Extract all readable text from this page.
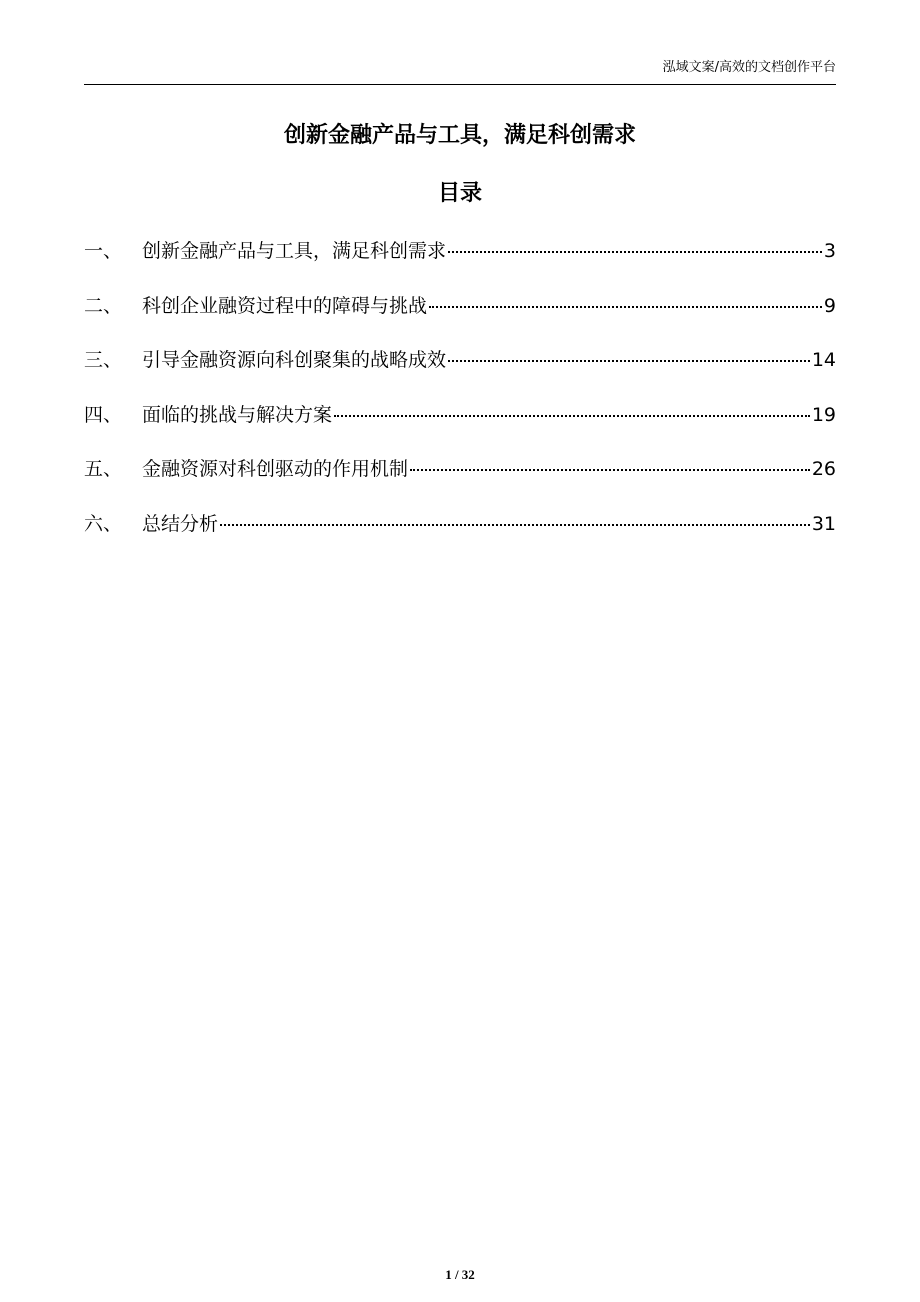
泓域文案/高效的文档创作平台
创新金融产品与工具，满足科创需求
目录
一、	创新金融产品与工具，满足科创需求	3
二、	科创企业融资过程中的障碍与挑战	9
三、	引导金融资源向科创聚集的战略成效	14
四、	面临的挑战与解决方案	19
五、	金融资源对科创驱动的作用机制	26
六、	总结分析	31
1 / 32
